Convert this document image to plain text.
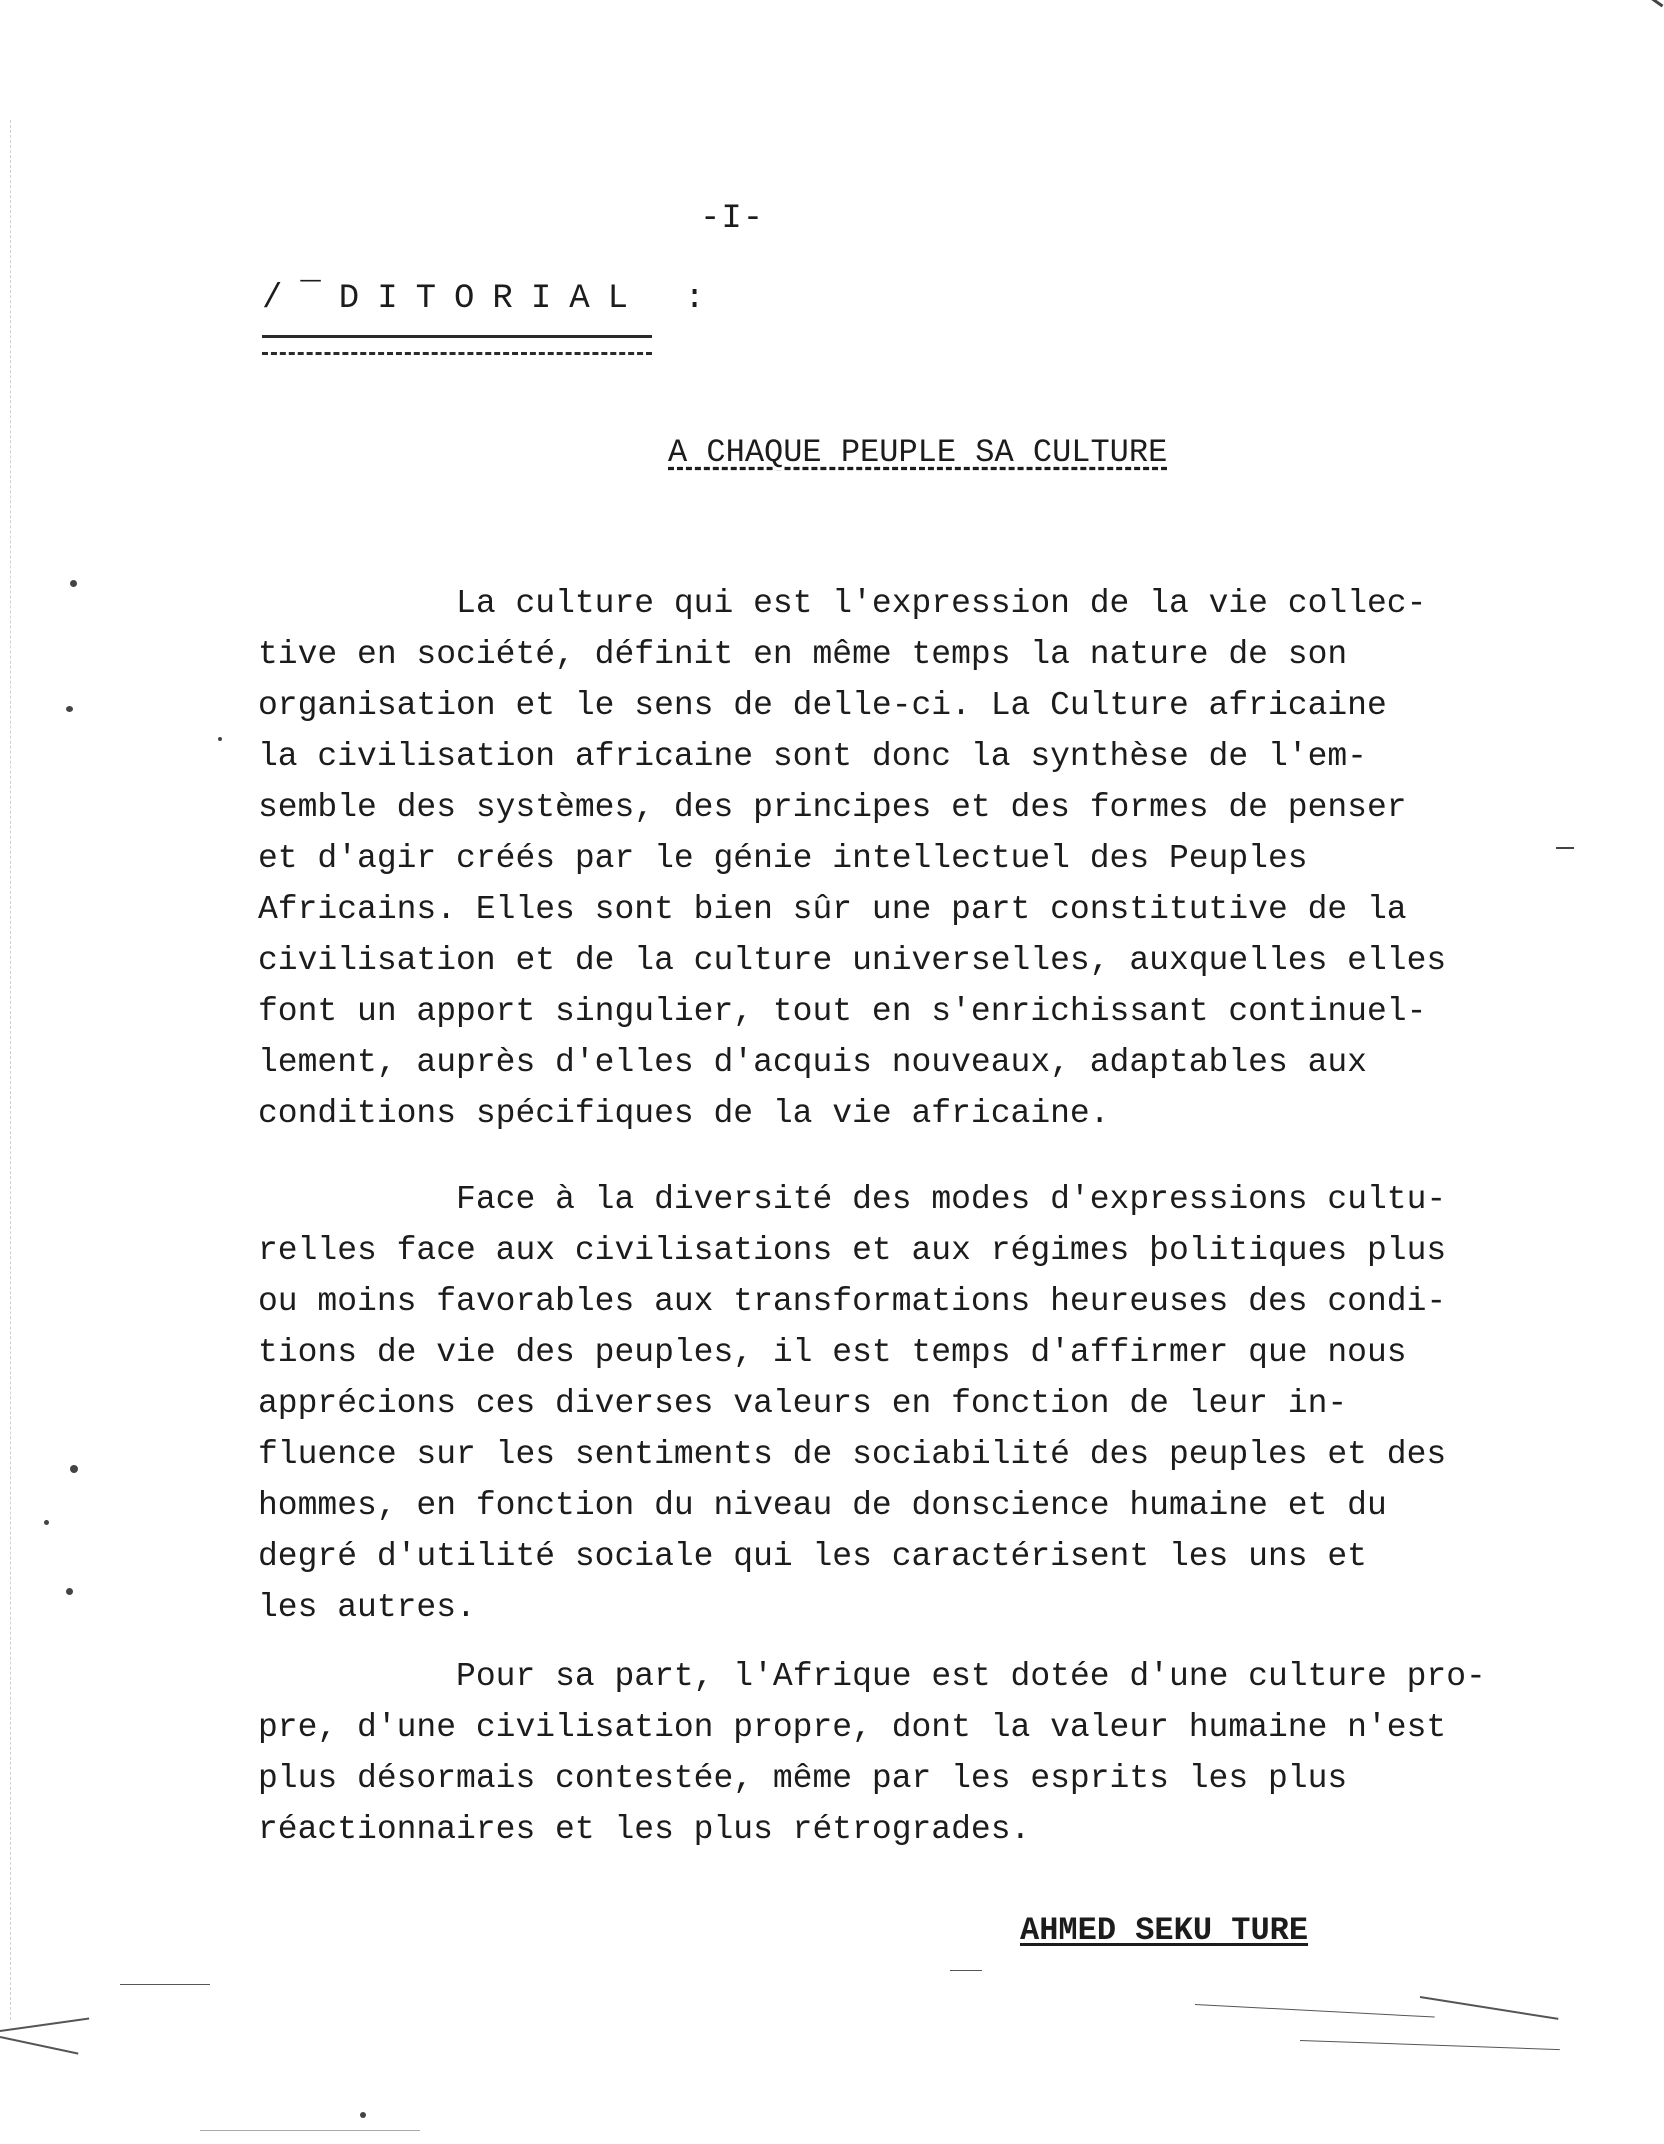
-I-
/¯DITORIAL :
A CHAQUE PEUPLE SA CULTURE
La culture qui est l'expression de la vie collec-
tive en société, définit en même temps la nature de son
organisation et le sens de delle-ci. La Culture africaine
la civilisation africaine sont donc la synthèse de l'em-
semble des systèmes, des principes et des formes de penser
et d'agir créés par le génie intellectuel des Peuples
Africains. Elles sont bien sûr une part constitutive de la
civilisation et de la culture universelles, auxquelles elles
font un apport singulier, tout en s'enrichissant continuel-
lement, auprès d'elles d'acquis nouveaux, adaptables aux
conditions spécifiques de la vie africaine.
Face à la diversité des modes d'expressions cultu-
relles face aux civilisations et aux régimes þolitiques plus
ou moins favorables aux transformations heureuses des condi-
tions de vie des peuples, il est temps d'affirmer que nous
apprécions ces diverses valeurs en fonction de leur in-
fluence sur les sentiments de sociabilité des peuples et des
hommes, en fonction du niveau de donscience humaine et du
degré d'utilité sociale qui les caractérisent les uns et
les autres.
Pour sa part, l'Afrique est dotée d'une culture pro-
pre, d'une civilisation propre, dont la valeur humaine n'est
plus désormais contestée, même par les esprits les plus
réactionnaires et les plus rétrogrades.
AHMED SEKU TURE
